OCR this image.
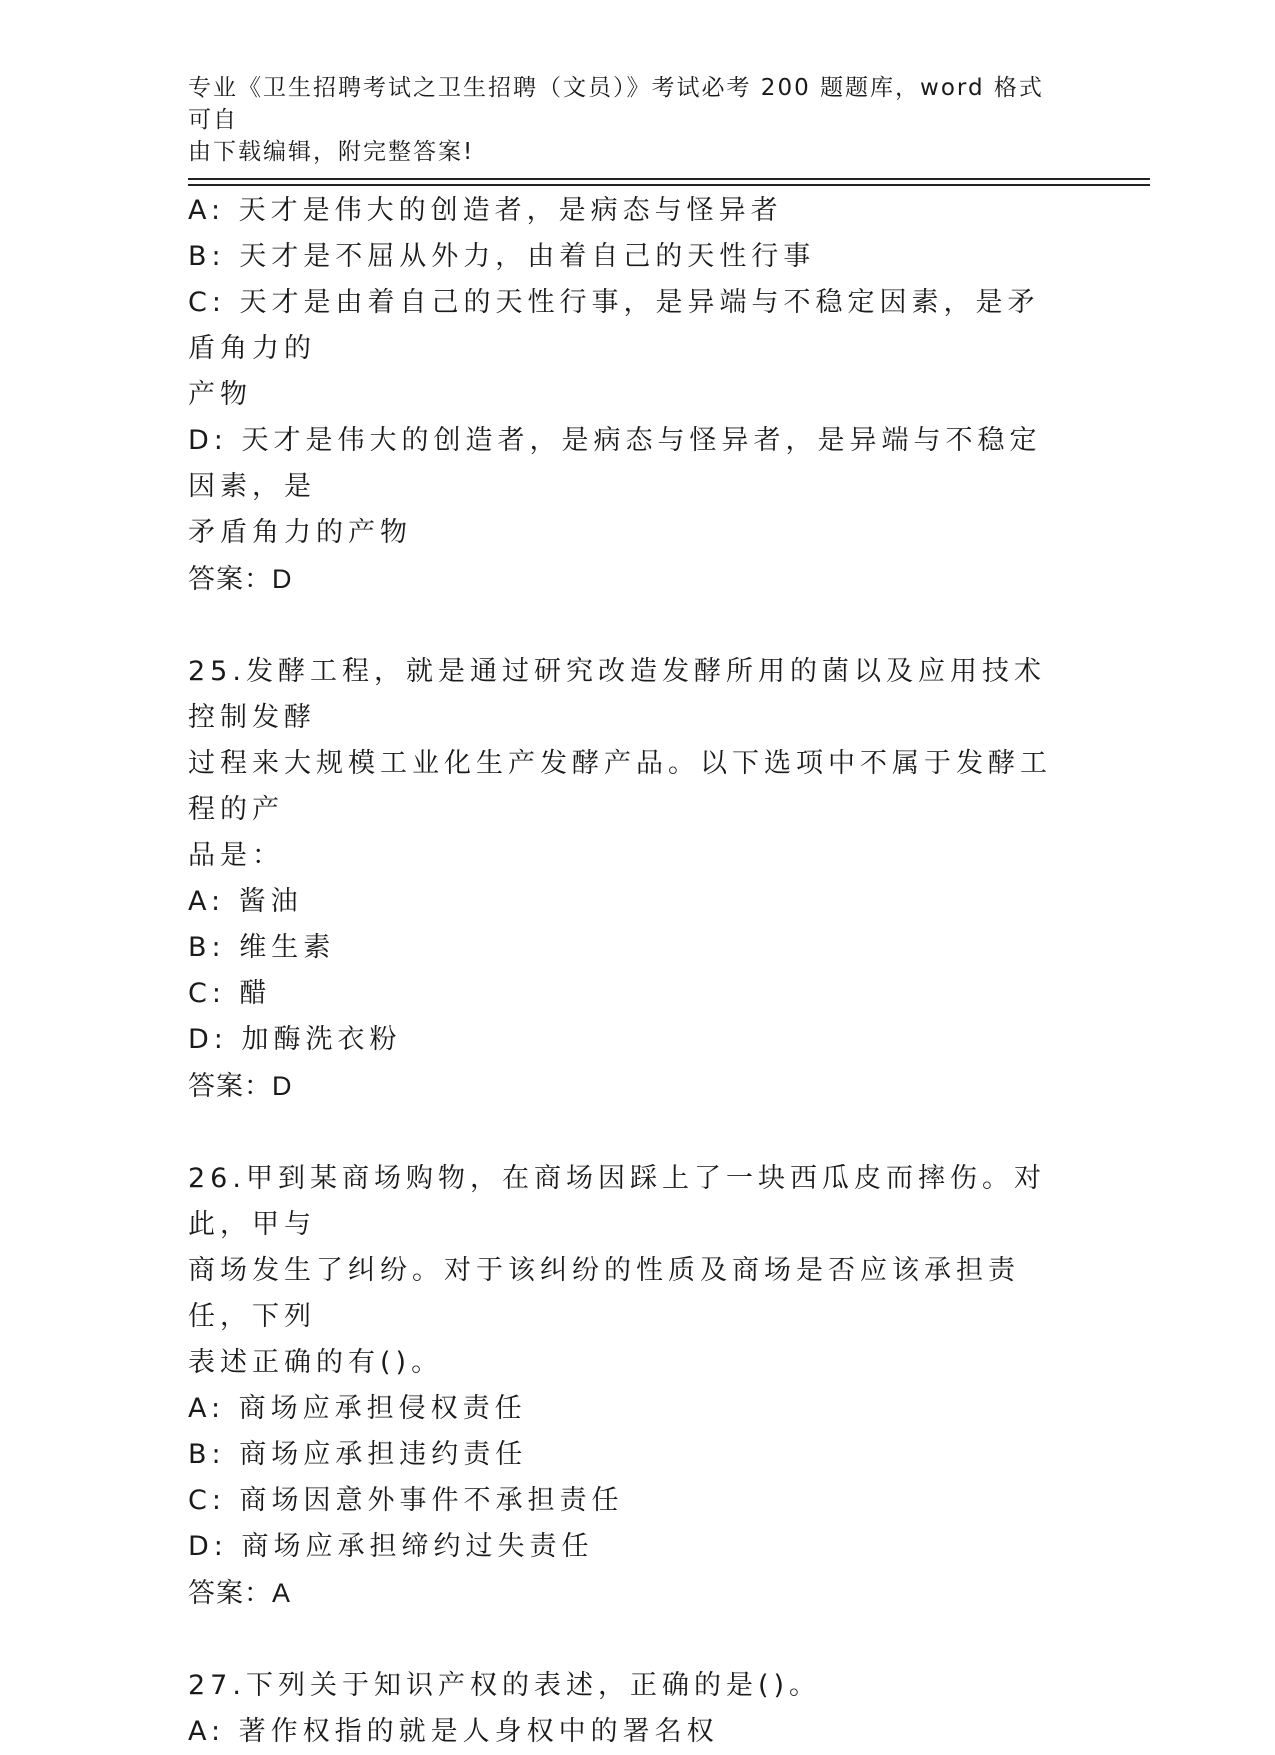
专业《卫生招聘考试之卫生招聘（文员）》考试必考 200 题题库，word 格式可自
由下载编辑，附完整答案!
A: 天才是伟大的创造者，是病态与怪异者
B: 天才是不屈从外力，由着自己的天性行事
C: 天才是由着自己的天性行事，是异端与不稳定因素，是矛盾角力的
产物
D: 天才是伟大的创造者，是病态与怪异者，是异端与不稳定因素，是
矛盾角力的产物
答案：D
25.发酵工程，就是通过研究改造发酵所用的菌以及应用技术控制发酵
过程来大规模工业化生产发酵产品。以下选项中不属于发酵工程的产
品是：
A: 酱油
B: 维生素
C: 醋
D: 加酶洗衣粉
答案：D
26.甲到某商场购物，在商场因踩上了一块西瓜皮而摔伤。对此，甲与
商场发生了纠纷。对于该纠纷的性质及商场是否应该承担责任，下列
表述正确的有()。
A: 商场应承担侵权责任
B: 商场应承担违约责任
C: 商场因意外事件不承担责任
D: 商场应承担缔约过失责任
答案：A
27.下列关于知识产权的表述，正确的是()。
A: 著作权指的就是人身权中的署名权
